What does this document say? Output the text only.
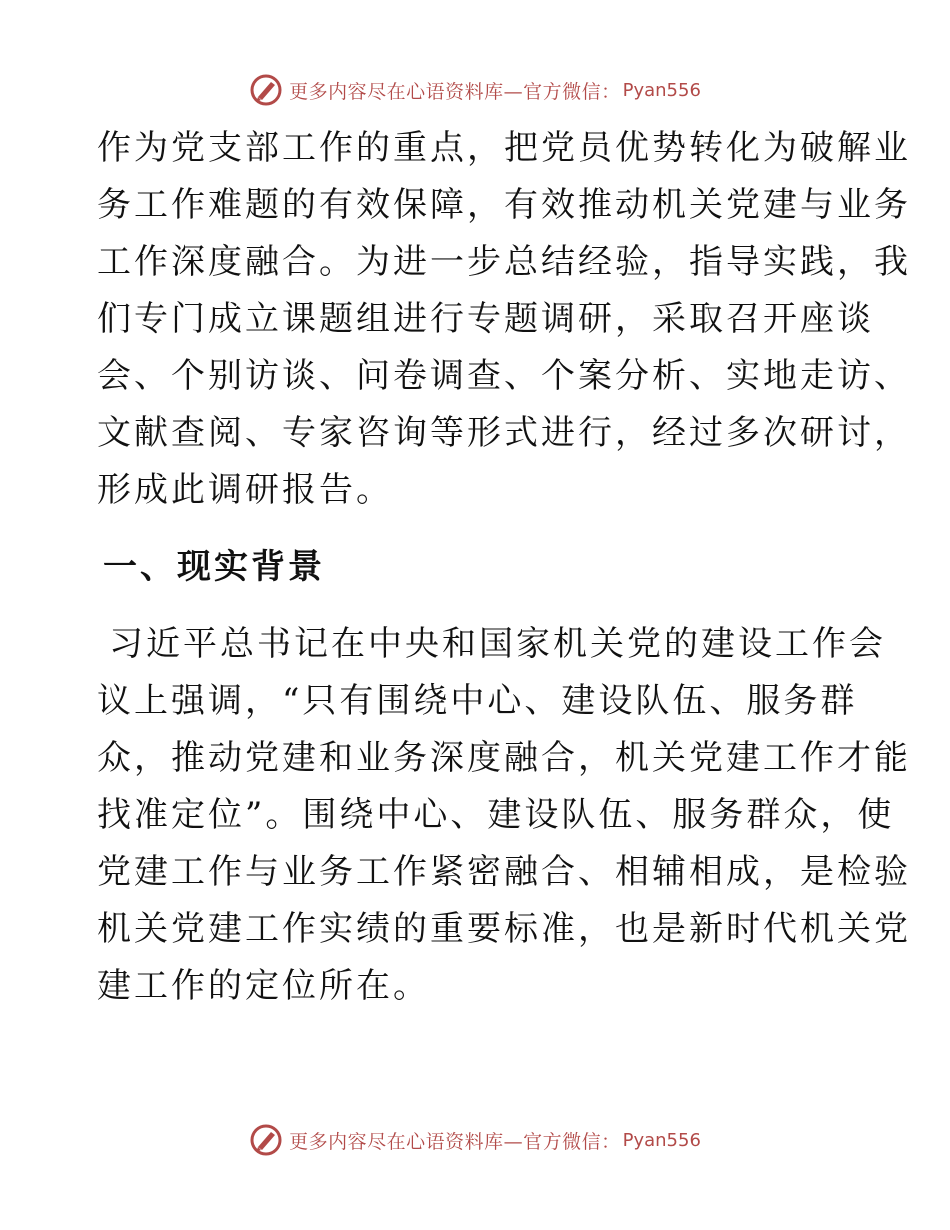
更多内容尽在心语资料库—官方微信： Pyan556

作为党支部工作的重点，把党员优势转化为破解业
务工作难题的有效保障，有效推动机关党建与业务
工作深度融合。为进一步总结经验，指导实践，我
们专门成立课题组进行专题调研，采取召开座谈
会、个别访谈、问卷调查、个案分析、实地走访、
文献查阅、专家咨询等形式进行，经过多次研讨，
形成此调研报告。

一、现实背景

习近平总书记在中央和国家机关党的建设工作会
议上强调，“只有围绕中心、建设队伍、服务群
众，推动党建和业务深度融合，机关党建工作才能
找准定位”。围绕中心、建设队伍、服务群众，使
党建工作与业务工作紧密融合、相辅相成，是检验
机关党建工作实绩的重要标准，也是新时代机关党
建工作的定位所在。

更多内容尽在心语资料库—官方微信： Pyan556
